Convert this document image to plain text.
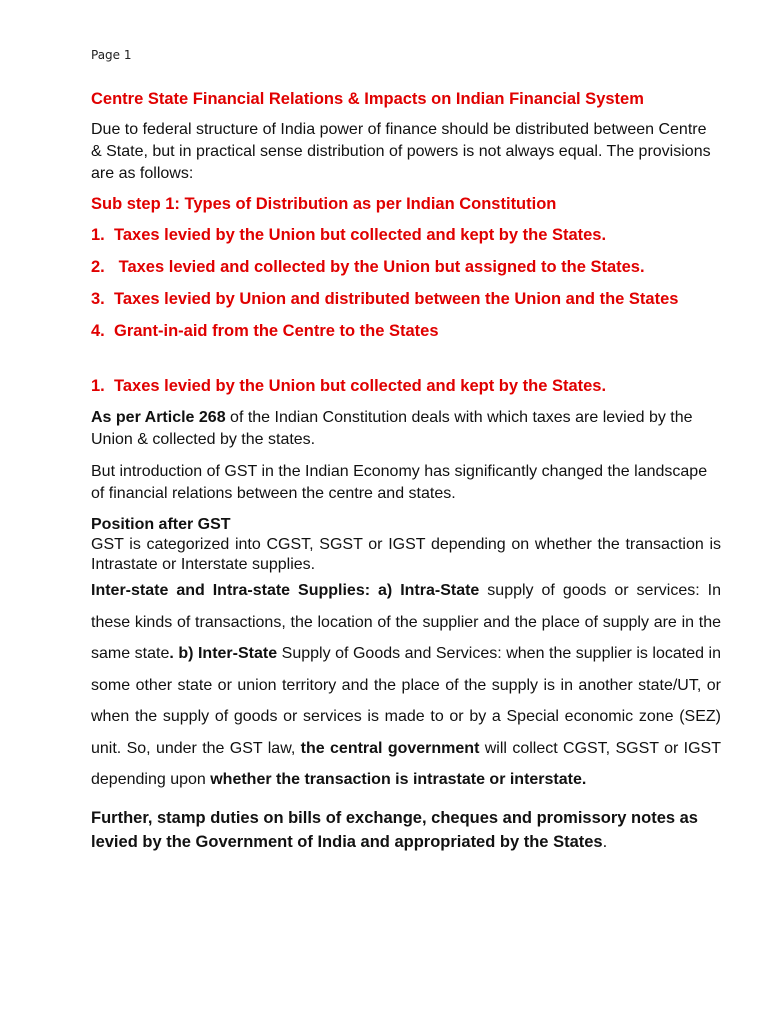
Page 1
Centre State Financial Relations & Impacts on Indian Financial System

Due to federal structure of India power of finance should be distributed between Centre & State, but in practical sense distribution of powers is not always equal. The provisions are as follows:

Sub step 1: Types of Distribution as per Indian Constitution
1. Taxes levied by the Union but collected and kept by the States.
2. Taxes levied and collected by the Union but assigned to the States.
3. Taxes levied by Union and distributed between the Union and the States
4. Grant-in-aid from the Centre to the States
1. Taxes levied by the Union but collected and kept by the States.

As per Article 268 of the Indian Constitution deals with which taxes are levied by the Union & collected by the states.

But introduction of GST in the Indian Economy has significantly changed the landscape of financial relations between the centre and states.

Position after GST

GST is categorized into CGST, SGST or IGST depending on whether the transaction is Intrastate or Interstate supplies.

Inter-state and Intra-state Supplies: a) Intra-State supply of goods or services: In these kinds of transactions, the location of the supplier and the place of supply are in the same state. b) Inter-State Supply of Goods and Services: when the supplier is located in some other state or union territory and the place of the supply is in another state/UT, or when the supply of goods or services is made to or by a Special economic zone (SEZ) unit. So, under the GST law, the central government will collect CGST, SGST or IGST depending upon whether the transaction is intrastate or interstate.

Further, stamp duties on bills of exchange, cheques and promissory notes as levied by the Government of India and appropriated by the States.
